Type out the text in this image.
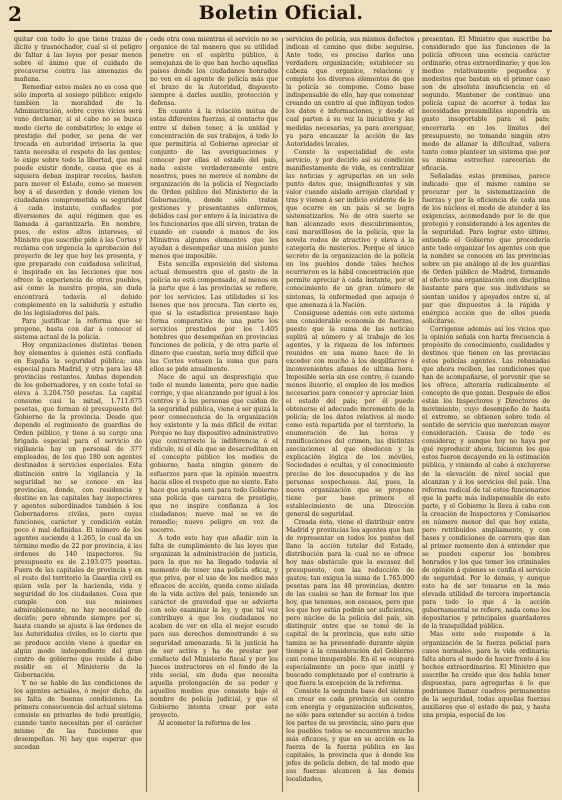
2	Boletin Oficial.

quitar con todo lo que tiene trazas de ilícito y trasnochador, cual si el peligro de faltar á las leyes por pesar menos sobre el ánimo que el cuidado de precaverse contra las amenazas de mañana.

Remediar estos males no es cosa que sólo importa al sosiego público: exígelo también la moralidad de la Administración, sobre cuyos vicios será vano declamar, si al cabo no se busca modo cierto de combatirlos; lo exige el prestigio del poder, so pena de ver trocada en autoridad irrisoria la que tanta necesita el respeto de las gentes; lo exige sobre todo la libertad, que mal puede existir donde, causa que es á siquiera deban inspirar recelos, basten para mover el Estado, como se mueven hoy á el desorden y donde vienen los ciudadanos comprometida su seguridad á cada instante, confiados por diversiones de aquí régimen que es llamada á garantizarla. En nombre, pues, de estos altos intereses, el Ministro que suscribe pide á las Cortes y reclama con urgencia la aprobación del proyecto de ley que hoy les presenta, y que preparado con cuidadosa solicitud, é inspirado en las lecciones que nos ofrece la experiencia de otros pueblos, así como la nuestra propia, sin duda encontrará todavía el debido complemento en la sabiduría y estudio de los legisladores del país.

Para justificar la reforma que se propone, basta con dar á conocer el sistema actual de la policía.

Hoy organizaciones distintas tienen hoy elementos á quienes está confiada en España la seguridad pública; una especial para Madrid, y otra para las 48 provincias restantes. Ambas dependen de los gobernadores, y en coste total se eleva á 3.204.750 pesetas. La capital consume casi la mitad, 1.711.675 pesetas, que forman el presupuesto del Gobierno de la provincia. Desde que depende el regimiento de guardias de Orden público, y tiene á su cargo una brigada especial para el servicio de vigilancia hay un personal de 377 empleados, de los que 180 son agentes destinados á servicios especiales. Esta distinción entre la vigilancia y la seguridad no se conoce en las provincias, donde, con residencia y destino en las capitales hay inspectores y agentes subordinados también á los Gobernadores civiles, pero cuyas funciones, carácter y condición están poco ó mal definidas. El número de los agentes asciende á 1.265, lo cual da un término medio de 22 por provincia, á las órdenes de 140 inspectores. Su presupuesto es de 2.193.075 pesetas. Fuera de las capitales de provincia y en el resto del territorio la Guardia civil es quien vela por la hacienda, vida y seguridad de los ciudadanos. Cosa que cumple con sus misiones admirablemente, no hay necesidad de decirlo; pero obrando siempre por sí, hasta cuando se ajusta á las órdenes de las Autoridades civiles, es lo cierto que se produce acción viene á quedar en algún modo independiente del gran centro de gobierno que reside á debe residir en el Ministerio de la Gobernación.

Y no se hable de las condiciones de los agentes actuales, ó mejor dicho, de su falta de buenas condiciones. La primera consecuencia del actual sistema consiste en privarles de todo prestigio, cuando tanto necesitan por el carácter mismo de las funciones que desempeñan. Ni hay que esperar que sucedan

cede otra cosa mientras el servicio no se organice de tal manera que su utilidad penetre en el espíritu público, á semejanza de lo que han hecho aquellas países donde los ciudadanos honrados no ven en el agente de policía más que el brazo de la Autoridad, dispuesto siempre á darles auxilio, protección y defensa.

En cuanto á la relación mútua de estas diferentes fuerzas, al contacto que entre sí deben tener, á la unidad y concentración de sus trabajos, á todo lo que permitiría al Gobierno apreciar el conjunto de las averiguaciones y conocer por ellas el estado del país, nada existe verdaderamente entre nosotros, pues no merece el nombre de organización de la policía el Negociado de Orden público del Ministerio de la Gobernación, donde sólo tratan gestiones y presentantes enfermos, debidos casi por entero á la iniciativa de los funcionarios que allí sirven, tratan de cuando en cuando á manos de los Ministros algunos elementos que les ayudan á desempeñar una misión punto menos que imposible.

Esta sencilla exposición del sistema actual demuestra que el gasto de la policía no está compensado, al menos en la parte que á las provincias se refiere, por los servicios. Las utilidades si los bienes que nos procura. Tan cierto es, que si la estadística presentase bajo forma comparativa de una parte los servicios prestados por los 1.405 hombres que desempeñan en provincias funciones de policía, y de otra parte el dinero que cuestan, sería muy difícil que las Cortes votasen la suma que para ellos se pide anualmente.

Nace de aquí un desprestigio que todo el mundo lamenta, pero que nadie corrige, y que alcanzando por igual á los centros y á las personas que cuidan de la seguridad pública, viene á ser quizá la peor consecuencia de la organización hoy existente y la más difícil de evitar. Porque no hay dispositivo administrativo que contrarreste la indiferencia ó el ridículo, ni el día que se desacreditan en el concepto público los medios de gobierno, hasta ningún género de esfuerzos para que la opinión muestra hacia ellos el respeto que no siente. Esto hace que ayuda será para todo Gobierno una policía que carezca de prestigio, que no inspire confianza á los ciudadanos; nueve mal se ve de remedio; nuevo peligro en vez de socorro.

A todo esto hay que añadir aún la falta de cumplimiento de las leyes que organizan la administración de justicia, para la que no ha llegado todavía el momento de tener una policía eficaz, y que priva, por el uso de los medios más eficaces de acción, queda como aislada de la vida activa del país, teniendo un carácter de gravedad que se advierte con solo examinar la ley, y que tal vez contribuye á que los ciudadanos no acaben de ver en ella el mejor escudo para sus derechos demostrando á su seguridad amenazada. Si la justicia ha de ser activa y ha de prestar por conducto del Ministerio fiscal y por los Jueces instructores en el fondo de la vida social, sin duda que necesita aquella prolongación de su poder y aquellos medios que consiste bajo el nombre de policía judicial, y que el Gobierno intenta crear por este proyecto.

Al acometer la reforma de los

servicios de policía, sus mismos defectos indican el camino que debe seguirse. Ante todo, es preciso darles una verdadera organización; establecer su cabeza que organice, relacione y complete los diversos elementos de que la policía se compone. Como base indispensable de ello, hay que comenzar creando un centro al que inflúyan todos los datos é informaciones, y desde el cual parten á su vez la iniciativa y las medidas necesarias, ya para averiguar, ya para encauzar la acción de las Autoridades locales.

Conste la especialidad de este servicio, y por decirlo así su condición manifiestamente de vida, es centralizar las noticias y agruparlas en un solo punto datos que, insignificantes y sin valor cuando aislado arrojan claridad y tras y vienen á ser indicio evidente de lo que ocurre en un país si se logra sistematizarlos. No de otra suerte se han alcanzado esos descubrimientos, casi maravillosos de la policía, que la novela rodea de atractivo y eleva á la categoría de misterios. Porque el único secreto de la organización de la policía en los pueblos donde tales hechos ocurrieron es la hábil concentración que permite apreciar á cada instante, por el conocimiento de un gran número de síntomas, la enfermedad que aqueja ó que amenaza á la Nación.

Consiguese además con este sistema una considerable economía de fuerzas, puesto que la suma de las noticias suplirá al número y al trabajo de los agentes, y la riqueza de los informes reunidos en una mano hace de lo exceder con mucho á los despilfarros é inconvenientes afanes de ultima hora. Imposible sería sin ese centro, ó cuando menos ilusorio, el empleo de los medios necesarios para conocer y apreciar bien el estado del país; por él puede obtenerse el adecuado incremento de la policía; de los datos relativos al modo como está repartida por el territorio, la enumeración de las horas y ramificaciones del crimen, las distintas asociaciones al que obedecen y la explicación lógica de los móviles, Sociedades e ocultas, y el conocimiento preciso de los desocupados y de las personas sospechosas. Así, pues, la nueva organización que se propone tiene por base primera el establecimiento de una Dirección general de seguridad.

Creada ésta, viene el distribuir entre Madrid y provincias los agentes que han de representar en todos los puntos del llano la acción tutelar del Estado, distribución para la cual no se ofrece hoy más obstáculo que la escasez del presupuesto, con las reducción de gastos; tan exigua la suma de 1.765.000 pesetas para las 48 provincias, dentro de las cuales se han de formar los que hoy, que tenemos, son escasos, pero que los que hoy están podrán ser suficientes, pero núcleo de la policía del país, sin distinguir entre que se tomó de la capital de la provincia, que este sitio tamiza se ha presentado durante algún tiempo á la consideración del Gobierno casi como insuperable. En él se ocupará especialmente un poco que inútil y buscado completando por el contrario á que fuera la excepción de la reforma.

Consiste la segunda base del sistema en crear en cada provincia un centro con energía y organización suficientes, no sólo para extender su acción á todos los partes de su provincia, sino para que los pueblos todos se encuentren mucho más eficaces, y que en su acción es la fuerza de la fuerza pública en las capitales, la provincia que á donde los jefes de policía deben, de tal modo que sus fuerzas alcancen á las demás localidades,

presentan. El Ministro que suscribe ha considerado que las funciones de la policía ofrecen una ecencia carácter ordinario, otras extraordinario; y que los medios relativamente pequeños y modestos que bastan en el primer caso son de absoluta insuficiencia en el segundo. Mantener de continuo una policía capaz de acorrer á todas las necesidades presumibles supondría un gasto insoportable para el país; encerrarla en los límites del presupuesto, no tomando ningún otro modo de allanar la dificultad, valiera tanto como planteer un sistema que por su misma estrechez carecerían de eficacia.

Señaladas estas premisas, parece indicado que el mismo camino se procurar por la sistematización de fuerzas y por la eficiencia de cada una de los núcleos el modo de atender á las exigencias, acomodando por lo de que protegió y considerando á los agentes de la seguridad. Para lograr esto último, entiende el Gobierno que procedería ante todo organizar los agentes con que la nombre se conocen en las provincias sobre un pie análogo al de los guardias de Orden público de Madrid, formando al efecto una organización con disciplina bastante para que sus individuos se sientan unidos y apoyados entre sí, al par que dispuestos á la rápida y enérgica acción que de ellos pueda solicitarse.

Corrigense además así los vicios que la opinión señala con harta frecuencia á propósito de conocimiento, cualidades y destinos que tienen en las provincias estos policías agentes. Las rebanadas que ahora reciben, las condiciones que han de acompañarse, el porvenir que se les ofrece, alteraría radicalmente el concepto de que gozan. Después de ellos están los Inspectores y Directores de movimiento, cuyo desempeño de hasta el extremo, se obtienen sobre todo el sentido de servicio que merezcan mayor consideración. Causa de todo es considerar, y aunque hoy no haya por qué reproducir ahora, hicieron los que estos fueron decayendo en la estimación pública, y viniendo al cabo á excluyerse de la elevación de nivel social que alcanzan y á los servicios del país. Una reforma radical de tal estos funcionarios que la parte más indispensable de esto parte, y el Gobierno la lleva á cabo con la creación de Inspectores y Comisarios en número menor del que hoy existe, pero retribuidos ampliamente, y con bases y condiciones de carrera que dan al primer momento den á entender que se pueden esperar los hombres honrados y los que temer los criminales de opinión á quienes se confía el servicio de seguridad. Por lo demás, y aunque esto ha de ser tomarse en la más elevada utilidad de tercera importancia para todo lo que á la acción gubernamental se refiere, nada como los depositarios y principales guardadores de la tranquilidad pública.

Mas este solo responde á la organización de la fuerza policial para casos normales, para la vida ordinaria; falta ahora el modo de hacer frente á los hechos extraordinarios. El Ministro que suscribe ha creído que dos habla tener dispuestas, para agregarlas á lo que podríamos llamar cuadros permanentes de la seguridad, todas aquellas fuerzas auxiliares que el estado de paz, y hasta una propia, especial de los
